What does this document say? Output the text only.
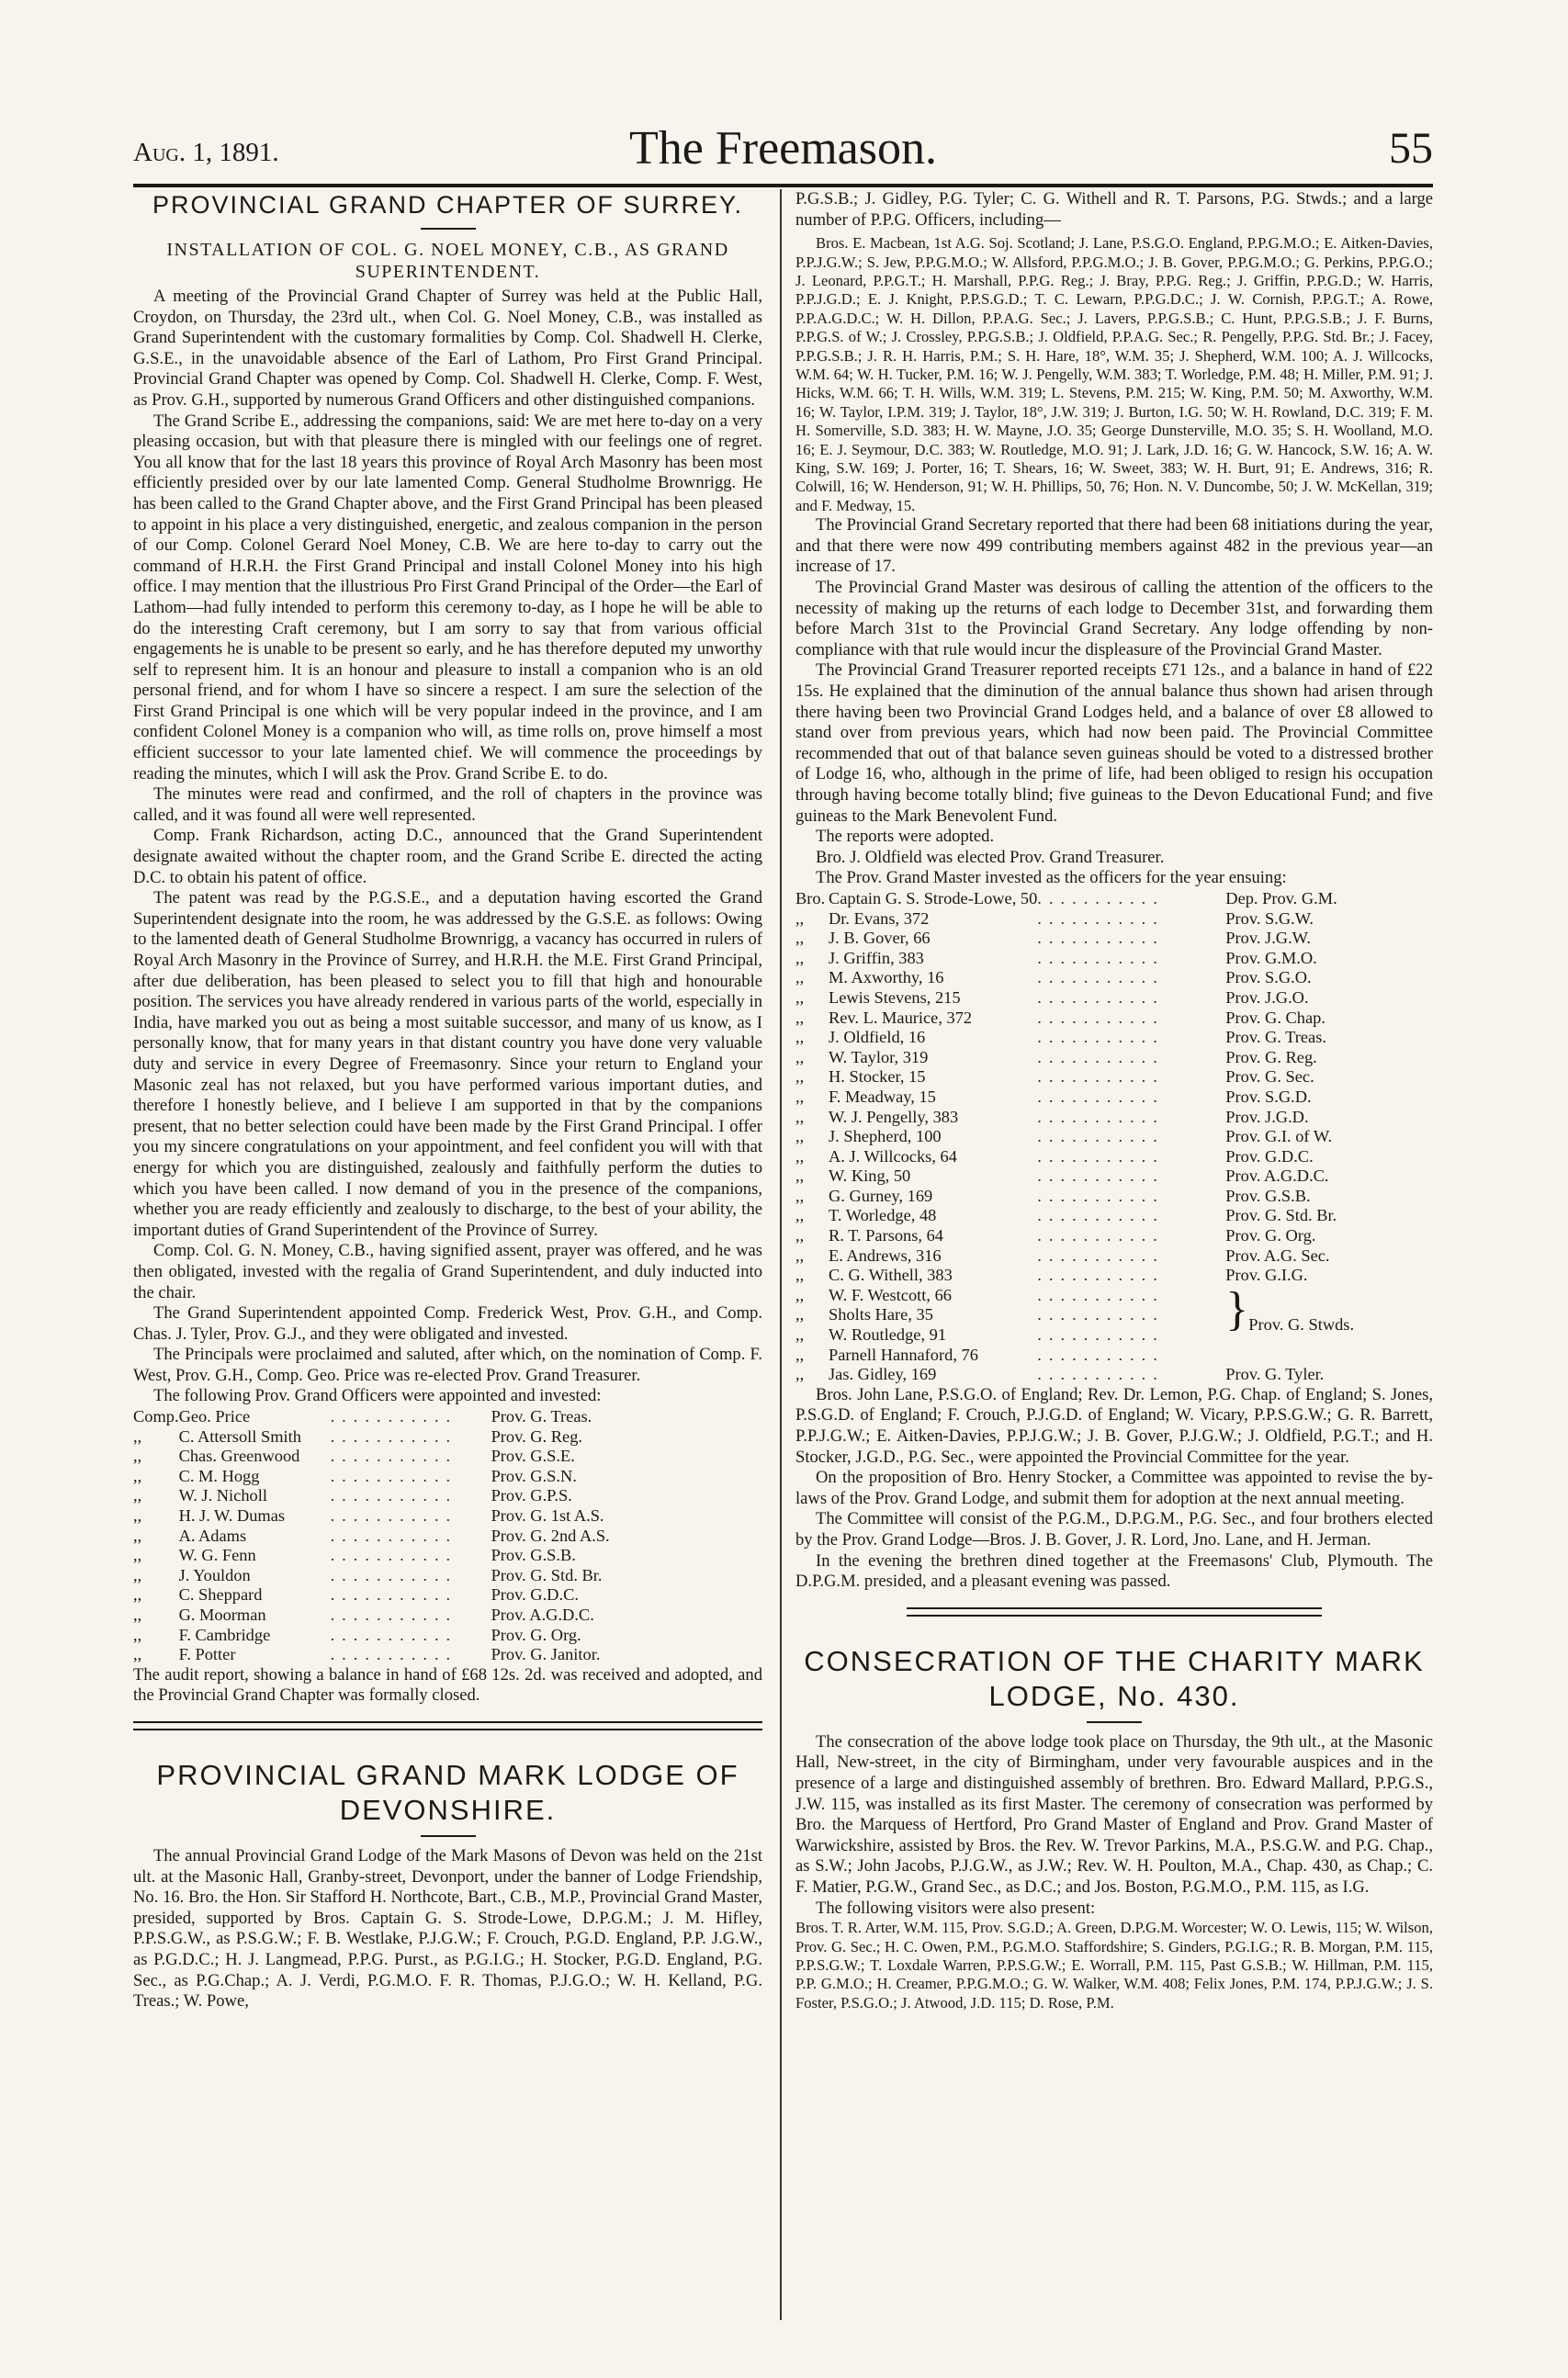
Aug. 1, 1891.	The Freemason.	55
PROVINCIAL GRAND CHAPTER OF SURREY.
INSTALLATION OF COL. G. NOEL MONEY, C.B., AS GRAND SUPERINTENDENT.

A meeting of the Provincial Grand Chapter of Surrey was held at the Public Hall, Croydon, on Thursday, the 23rd ult., when Col. G. Noel Money, C.B., was installed as Grand Superintendent with the customary formalities by Comp. Col. Shadwell H. Clerke, G.S.E., in the unavoidable absence of the Earl of Lathom, Pro First Grand Principal. Provincial Grand Chapter was opened by Comp. Col. Shadwell H. Clerke, Comp. F. West, as Prov. G.H., supported by numerous Grand Officers and other distinguished companions.

The Grand Scribe E., addressing the companions, said: We are met here to-day on a very pleasing occasion, but with that pleasure there is mingled with our feelings one of regret. You all know that for the last 18 years this province of Royal Arch Masonry has been most efficiently presided over by our late lamented Comp. General Studholme Brownrigg. He has been called to the Grand Chapter above, and the First Grand Principal has been pleased to appoint in his place a very distinguished, energetic, and zealous companion in the person of our Comp. Colonel Gerard Noel Money, C.B. We are here to-day to carry out the command of H.R.H. the First Grand Principal and install Colonel Money into his high office. I may mention that the illustrious Pro First Grand Principal of the Order—the Earl of Lathom—had fully intended to perform this ceremony to-day, as I hope he will be able to do the interesting Craft ceremony, but I am sorry to say that from various official engagements he is unable to be present so early, and he has therefore deputed my unworthy self to represent him. It is an honour and pleasure to install a companion who is an old personal friend, and for whom I have so sincere a respect. I am sure the selection of the First Grand Principal is one which will be very popular indeed in the province, and I am confident Colonel Money is a companion who will, as time rolls on, prove himself a most efficient successor to your late lamented chief. We will commence the proceedings by reading the minutes, which I will ask the Prov. Grand Scribe E. to do.

The minutes were read and confirmed, and the roll of chapters in the province was called, and it was found all were well represented.

Comp. Frank Richardson, acting D.C., announced that the Grand Superintendent designate awaited without the chapter room, and the Grand Scribe E. directed the acting D.C. to obtain his patent of office.

The patent was read by the P.G.S.E., and a deputation having escorted the Grand Superintendent designate into the room, he was addressed by the G.S.E. as follows: Owing to the lamented death of General Studholme Brownrigg, a vacancy has occurred in rulers of Royal Arch Masonry in the Province of Surrey, and H.R.H. the M.E. First Grand Principal, after due deliberation, has been pleased to select you to fill that high and honourable position. The services you have already rendered in various parts of the world, especially in India, have marked you out as being a most suitable successor, and many of us know, as I personally know, that for many years in that distant country you have done very valuable duty and service in every Degree of Freemasonry. Since your return to England your Masonic zeal has not relaxed, but you have performed various important duties, and therefore I honestly believe, and I believe I am supported in that by the companions present, that no better selection could have been made by the First Grand Principal. I offer you my sincere congratulations on your appointment, and feel confident you will with that energy for which you are distinguished, zealously and faithfully perform the duties to which you have been called. I now demand of you in the presence of the companions, whether you are ready efficiently and zealously to discharge, to the best of your ability, the important duties of Grand Superintendent of the Province of Surrey.

Comp. Col. G. N. Money, C.B., having signified assent, prayer was offered, and he was then obligated, invested with the regalia of Grand Superintendent, and duly inducted into the chair.

The Grand Superintendent appointed Comp. Frederick West, Prov. G.H., and Comp. Chas. J. Tyler, Prov. G.J., and they were obligated and invested.

The Principals were proclaimed and saluted, after which, on the nomination of Comp. F. West, Prov. G.H., Comp. Geo. Price was re-elected Prov. Grand Treasurer.

The following Prov. Grand Officers were appointed and invested:

Comp.	Geo. Price	...........	Prov. G. Treas.
,,	C. Attersoll Smith	...........	Prov. G. Reg.
,,	Chas. Greenwood	...........	Prov. G.S.E.
,,	C. M. Hogg	...........	Prov. G.S.N.
,,	W. J. Nicholl	...........	Prov. G.P.S.
,,	H. J. W. Dumas	...........	Prov. G. 1st A.S.
,,	A. Adams	...........	Prov. G. 2nd A.S.
,,	W. G. Fenn	...........	Prov. G.S.B.
,,	J. Youldon	...........	Prov. G. Std. Br.
,,	C. Sheppard	...........	Prov. G.D.C.
,,	G. Moorman	...........	Prov. A.G.D.C.
,,	F. Cambridge	...........	Prov. G. Org.
,,	F. Potter	...........	Prov. G. Janitor.

The audit report, showing a balance in hand of £68 12s. 2d. was received and adopted, and the Provincial Grand Chapter was formally closed.

PROVINCIAL GRAND MARK LODGE OF DEVONSHIRE.

The annual Provincial Grand Lodge of the Mark Masons of Devon was held on the 21st ult. at the Masonic Hall, Granby-street, Devonport, under the banner of Lodge Friendship, No. 16. Bro. the Hon. Sir Stafford H. Northcote, Bart., C.B., M.P., Provincial Grand Master, presided, supported by Bros. Captain G. S. Strode-Lowe, D.P.G.M.; J. M. Hifley, P.P.S.G.W., as P.S.G.W.; F. B. Westlake, P.J.G.W.; F. Crouch, P.G.D. England, P.P. J.G.W., as P.G.D.C.; H. J. Langmead, P.P.G. Purst., as P.G.I.G.; H. Stocker, P.G.D. England, P.G. Sec., as P.G.Chap.; A. J. Verdi, P.G.M.O. F. R. Thomas, P.J.G.O.; W. H. Kelland, P.G. Treas.; W. Powe,

P.G.S.B.; J. Gidley, P.G. Tyler; C. G. Withell and R. T. Parsons, P.G. Stwds.; and a large number of P.P.G. Officers, including—

Bros. E. Macbean, 1st A.G. Soj. Scotland; J. Lane, P.S.G.O. England, P.P.G.M.O.; E. Aitken-Davies, P.P.J.G.W.; S. Jew, P.P.G.M.O.; W. Allsford, P.P.G.M.O.; J. B. Gover, P.P.G.M.O.; G. Perkins, P.P.G.O.; J. Leonard, P.P.G.T.; H. Marshall, P.P.G. Reg.; J. Bray, P.P.G. Reg.; J. Griffin, P.P.G.D.; W. Harris, P.P.J.G.D.; E. J. Knight, P.P.S.G.D.; T. C. Lewarn, P.P.G.D.C.; J. W. Cornish, P.P.G.T.; A. Rowe, P.P.A.G.D.C.; W. H. Dillon, P.P.A.G. Sec.; J. Lavers, P.P.G.S.B.; C. Hunt, P.P.G.S.B.; J. F. Burns, P.P.G.S. of W.; J. Crossley, P.P.G.S.B.; J. Oldfield, P.P.A.G. Sec.; R. Pengelly, P.P.G. Std. Br.; J. Facey, P.P.G.S.B.; J. R. H. Harris, P.M.; S. H. Hare, 18°, W.M. 35; J. Shepherd, W.M. 100; A. J. Willcocks, W.M. 64; W. H. Tucker, P.M. 16; W. J. Pengelly, W.M. 383; T. Worledge, P.M. 48; H. Miller, P.M. 91; J. Hicks, W.M. 66; T. H. Wills, W.M. 319; L. Stevens, P.M. 215; W. King, P.M. 50; M. Axworthy, W.M. 16; W. Taylor, I.P.M. 319; J. Taylor, 18°, J.W. 319; J. Burton, I.G. 50; W. H. Rowland, D.C. 319; F. M. H. Somerville, S.D. 383; H. W. Mayne, J.O. 35; George Dunsterville, M.O. 35; S. H. Woolland, M.O. 16; E. J. Seymour, D.C. 383; W. Routledge, M.O. 91; J. Lark, J.D. 16; G. W. Hancock, S.W. 16; A. W. King, S.W. 169; J. Porter, 16; T. Shears, 16; W. Sweet, 383; W. H. Burt, 91; E. Andrews, 316; R. Colwill, 16; W. Henderson, 91; W. H. Phillips, 50, 76; Hon. N. V. Duncombe, 50; J. W. McKellan, 319; and F. Medway, 15.

The Provincial Grand Secretary reported that there had been 68 initiations during the year, and that there were now 499 contributing members against 482 in the previous year—an increase of 17.

The Provincial Grand Master was desirous of calling the attention of the officers to the necessity of making up the returns of each lodge to December 31st, and forwarding them before March 31st to the Provincial Grand Secretary. Any lodge offending by non-compliance with that rule would incur the displeasure of the Provincial Grand Master.

The Provincial Grand Treasurer reported receipts £71 12s., and a balance in hand of £22 15s. He explained that the diminution of the annual balance thus shown had arisen through there having been two Provincial Grand Lodges held, and a balance of over £8 allowed to stand over from previous years, which had now been paid. The Provincial Committee recommended that out of that balance seven guineas should be voted to a distressed brother of Lodge 16, who, although in the prime of life, had been obliged to resign his occupation through having become totally blind; five guineas to the Devon Educational Fund; and five guineas to the Mark Benevolent Fund.

The reports were adopted.

Bro. J. Oldfield was elected Prov. Grand Treasurer.

The Prov. Grand Master invested as the officers for the year ensuing:

Bro.	Captain G. S. Strode-Lowe, 50	...........	Dep. Prov. G.M.	
,,	Dr. Evans, 372	...........	Prov. S.G.W.	
,,	J. B. Gover, 66	...........	Prov. J.G.W.	
,,	J. Griffin, 383	...........	Prov. G.M.O.	
,,	M. Axworthy, 16	...........	Prov. S.G.O.	
,,	Lewis Stevens, 215	...........	Prov. J.G.O.	
,,	Rev. L. Maurice, 372	...........	Prov. G. Chap.	
,,	J. Oldfield, 16	...........	Prov. G. Treas.	
,,	W. Taylor, 319	...........	Prov. G. Reg.	
,,	H. Stocker, 15	...........	Prov. G. Sec.	
,,	F. Meadway, 15	...........	Prov. S.G.D.	
,,	W. J. Pengelly, 383	...........	Prov. J.G.D.	
,,	J. Shepherd, 100	...........	Prov. G.I. of W.	
,,	A. J. Willcocks, 64	...........	Prov. G.D.C.	
,,	W. King, 50	...........	Prov. A.G.D.C.	
,,	G. Gurney, 169	...........	Prov. G.S.B.	
,,	T. Worledge, 48	...........	Prov. G. Std. Br.	
,,	R. T. Parsons, 64	...........	Prov. G. Org.	
,,	E. Andrews, 316	...........	Prov. A.G. Sec.	
,,	C. G. Withell, 383	...........	Prov. G.I.G.	
,,	W. F. Westcott, 66	...........	}	Prov. G. Stwds.
,,	Sholts Hare, 35	...........		
,,	W. Routledge, 91	...........		
,,	Parnell Hannaford, 76	...........		
,,	Jas. Gidley, 169	...........	Prov. G. Tyler.	

Bros. John Lane, P.S.G.O. of England; Rev. Dr. Lemon, P.G. Chap. of England; S. Jones, P.S.G.D. of England; F. Crouch, P.J.G.D. of England; W. Vicary, P.P.S.G.W.; G. R. Barrett, P.P.J.G.W.; E. Aitken-Davies, P.P.J.G.W.; J. B. Gover, P.J.G.W.; J. Oldfield, P.G.T.; and H. Stocker, J.G.D., P.G. Sec., were appointed the Provincial Committee for the year.

On the proposition of Bro. Henry Stocker, a Committee was appointed to revise the by-laws of the Prov. Grand Lodge, and submit them for adoption at the next annual meeting.

The Committee will consist of the P.G.M., D.P.G.M., P.G. Sec., and four brothers elected by the Prov. Grand Lodge—Bros. J. B. Gover, J. R. Lord, Jno. Lane, and H. Jerman.

In the evening the brethren dined together at the Freemasons' Club, Plymouth. The D.P.G.M. presided, and a pleasant evening was passed.

CONSECRATION OF THE CHARITY MARK LODGE, No. 430.

The consecration of the above lodge took place on Thursday, the 9th ult., at the Masonic Hall, New-street, in the city of Birmingham, under very favourable auspices and in the presence of a large and distinguished assembly of brethren. Bro. Edward Mallard, P.P.G.S., J.W. 115, was installed as its first Master. The ceremony of consecration was performed by Bro. the Marquess of Hertford, Pro Grand Master of England and Prov. Grand Master of Warwickshire, assisted by Bros. the Rev. W. Trevor Parkins, M.A., P.S.G.W. and P.G. Chap., as S.W.; John Jacobs, P.J.G.W., as J.W.; Rev. W. H. Poulton, M.A., Chap. 430, as Chap.; C. F. Matier, P.G.W., Grand Sec., as D.C.; and Jos. Boston, P.G.M.O., P.M. 115, as I.G.

The following visitors were also present:

Bros. T. R. Arter, W.M. 115, Prov. S.G.D.; A. Green, D.P.G.M. Worcester; W. O. Lewis, 115; W. Wilson, Prov. G. Sec.; H. C. Owen, P.M., P.G.M.O. Staffordshire; S. Ginders, P.G.I.G.; R. B. Morgan, P.M. 115, P.P.S.G.W.; T. Loxdale Warren, P.P.S.G.W.; E. Worrall, P.M. 115, Past G.S.B.; W. Hillman, P.M. 115, P.P. G.M.O.; H. Creamer, P.P.G.M.O.; G. W. Walker, W.M. 408; Felix Jones, P.M. 174, P.P.J.G.W.; J. S. Foster, P.S.G.O.; J. Atwood, J.D. 115; D. Rose, P.M.
